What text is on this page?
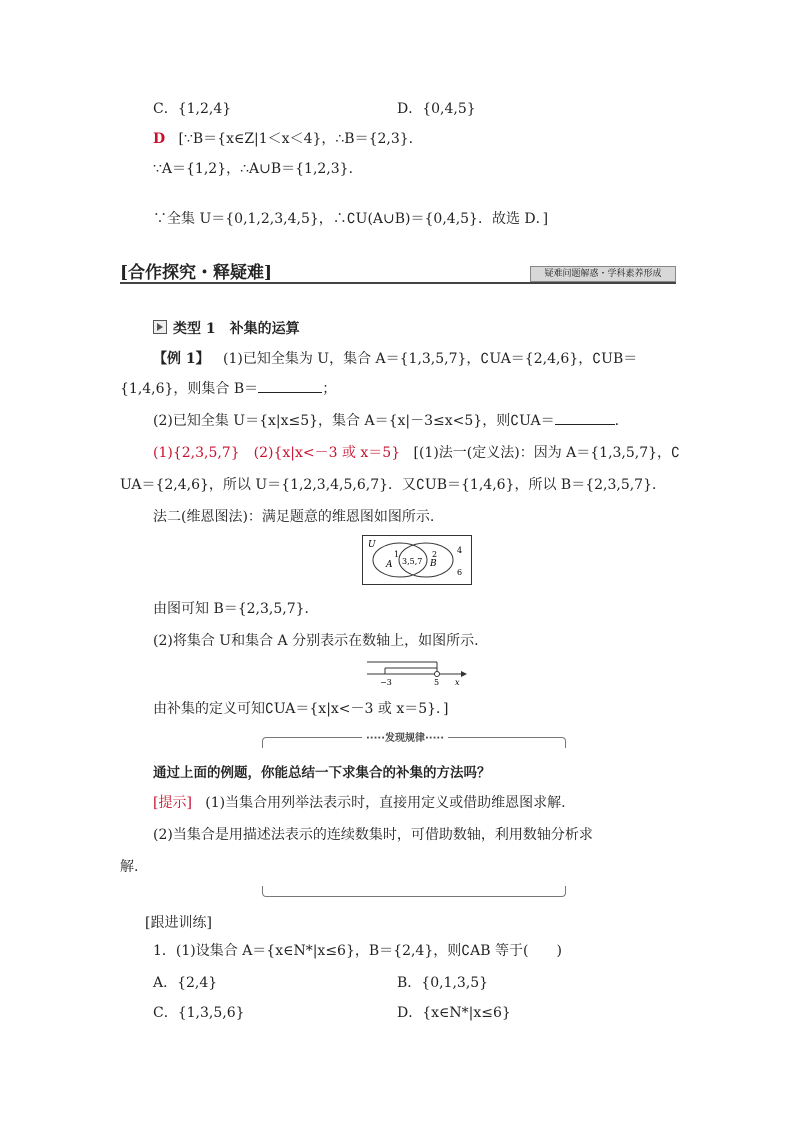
C．{1,2,4}	D．{0,4,5}
D [∵B＝{x∈Z|1＜x＜4}，∴B＝{2,3}．
∵A＝{1,2}，∴A∪B＝{1,2,3}．
∵全集 U＝{0,1,2,3,4,5}，∴∁U(A∪B)＝{0,4,5}．故选 D．]
[合作探究・释疑难]	疑难问题解惑・学科素养形成
类型 1　补集的运算
【例 1】 (1)已知全集为 U，集合 A＝{1,3,5,7}，∁UA＝{2,4,6}，∁UB＝
{1,4,6}，则集合 B＝	；
(2)已知全集 U＝{x|x≤5}，集合 A＝{x|－3≤x<5}，则∁UA＝	.
(1){2,3,5,7}　(2){x|x<－3 或 x＝5} [(1)法一(定义法)：因为 A＝{1,3,5,7}，∁
UA＝{2,4,6}，所以 U＝{1,2,3,4,5,6,7}．又∁UB＝{1,4,6}，所以 B＝{2,3,5,7}．
法二(维恩图法)：满足题意的维恩图如图所示.
U
A
1
3,5,7
2
B
4
6
由图可知 B＝{2,3,5,7}．
(2)将集合 U和集合 A 分别表示在数轴上，如图所示.
−3	5 x
由补集的定义可知∁UA＝{x|x<－3 或 x＝5}．]
·····发现规律·····
通过上面的例题，你能总结一下求集合的补集的方法吗？
[提示] (1)当集合用列举法表示时，直接用定义或借助维恩图求解.
(2)当集合是用描述法表示的连续数集时，可借助数轴，利用数轴分析求
解.
[跟进训练]
1．(1)设集合 A＝{x∈N*|x≤6}，B＝{2,4}，则∁AB 等于(　　)
A．{2,4}	B．{0,1,3,5}
C．{1,3,5,6}	D．{x∈N*|x≤6}
